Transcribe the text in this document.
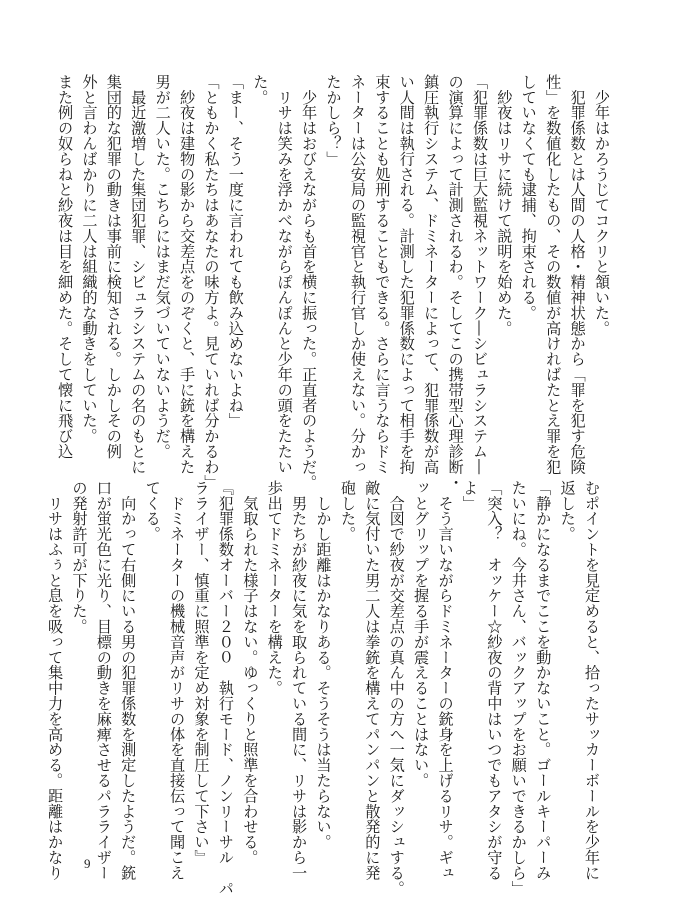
　少年はかろうじてコクリと頷いた。

　犯罪係数とは人間の人格・精神状態から「罪を犯す危険

性」を数値化したもの、その数値が高ければたとえ罪を犯

していなくても逮捕、拘束される。

　紗夜はリサに続けて説明を始めた。

「犯罪係数は巨大監視ネットワーク―シビュラシステム―

の演算によって計測されるわ。そしてこの携帯型心理診断・

鎮圧執行システム、ドミネーターによって、犯罪係数が高

い人間は執行される。計測した犯罪係数によって相手を拘

束することも処刑することもできる。さらに言うならドミ

ネーターは公安局の監視官と執行官しか使えない。分かっ

たかしら？」

　少年はおびえながらも首を横に振った。正直者のようだ。

　リサは笑みを浮かべながらぽんぽんと少年の頭をたたい

た。

「まー、そう一度に言われても飲み込めないよね」

「ともかく私たちはあなたの味方よ。見ていれば分かるわ」

　紗夜は建物の影から交差点をのぞくと、手に銃を構えた

男が二人いた。こちらにはまだ気づいていないようだ。

　最近激増した集団犯罪、シビュラシステムの名のもとに

集団的な犯罪の動きは事前に検知される。しかしその例

外と言わんばかりに二人は組織的な動きをしていた。

また例の奴らねと紗夜は目を細めた。そして懐に飛び込

むポイントを見定めると、拾ったサッカーボールを少年に

返した。

「静かになるまでここを動かないこと。ゴールキーパーみ

たいにね。今井さん、バックアップをお願いできるかしら」

「突入？　オッケー☆紗夜の背中はいつでもアタシが守る

よ」

　そう言いながらドミネーターの銃身を上げるリサ。ギュ

ッとグリップを握る手が震えることはない。

　合図で紗夜が交差点の真ん中の方へ一気にダッシュする。

敵に気付いた男二人は拳銃を構えてパンパンと散発的に発

砲した。

　しかし距離はかなりある。そうそうは当たらない。

　男たちが紗夜に気を取られている間に、リサは影から一

歩出てドミネーターを構えた。

　気取られた様子はない。ゆっくりと照準を合わせる。

『犯罪係数オーバー２００　執行モード、ノンリーサル　パ

ラライザー、慎重に照準を定め対象を制圧して下さい』

　ドミネーターの機械音声がリサの体を直接伝って聞こえ

てくる。

　向かって右側にいる男の犯罪係数を測定したようだ。銃

口が蛍光色に光り、目標の動きを麻痺させるパラライザー

の発射許可が下りた。

　リサはふぅと息を吸って集中力を高める。距離はかなり 9
